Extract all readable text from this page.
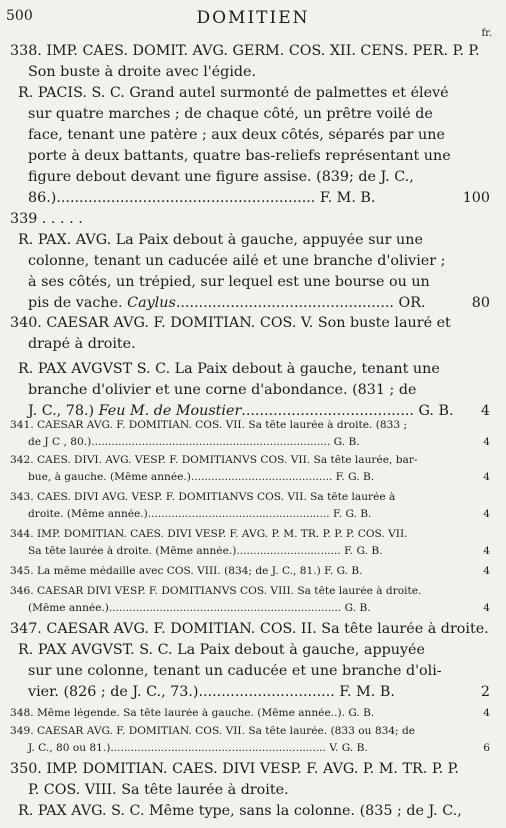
500	DOMITIEN
fr.
338. IMP. CAES. DOMIT. AVG. GERM. COS. XII. CENS. PER. P. P.
Son buste à droite avec l'égide.
R. PACIS. S. C. Grand autel surmonté de palmettes et élevé
sur quatre marches ; de chaque côté, un prêtre voilé de
face, tenant une patère ; aux deux côtés, séparés par une
porte à deux battants, quatre bas-reliefs représentant une
figure debout devant une figure assise. (839; de J. C.,
86.)......................................................... F. M. B.	100
339 . . . . .
R. PAX. AVG. La Paix debout à gauche, appuyée sur une
colonne, tenant un caducée ailé et une branche d'olivier ;
à ses côtés, un trépied, sur lequel est une bourse ou un
pis de vache. Caylus................................................ OR.	80
340. CAESAR AVG. F. DOMITIAN. COS. V. Son buste lauré et
drapé à droite.
R. PAX AVGVST S. C. La Paix debout à gauche, tenant une
branche d'olivier et une corne d'abondance. (831 ; de
J. C., 78.) Feu M. de Moustier...................................... G. B. 4
341. CAESAR AVG. F. DOMITIAN. COS. VII. Sa tête laurée à droite. (833 ;
de J C , 80.)....................................................................... G. B.	4
342. CAES. DIVI. AVG. VESP. F. DOMITIANVS COS. VII. Sa tête laurée, bar-
bue, à gauche. (Même année.).......................................... F. G. B.	4
343. CAES. DIVI AVG. VESP. F. DOMITIANVS COS. VII. Sa tête laurée à
droite. (Même année.)...................................................... F. G. B.	4
344. IMP. DOMITIAN. CAES. DIVI VESP. F. AVG. P. M. TR. P. P. P. COS. VII.
Sa tête laurée à droite. (Même année.)............................... F. G. B.	4
345. La même médaille avec COS. VIII. (834; de J. C., 81.) F. G. B.	4
346. CAESAR DIVI VESP. F. DOMITIANVS COS. VIII. Sa tête laurée à droite.
(Même année.)..................................................................... G. B.	4
347. CAESAR AVG. F. DOMITIAN. COS. II. Sa tête laurée à droite.
R. PAX AVGVST. S. C. La Paix debout à gauche, appuyée
sur une colonne, tenant un caducée et une branche d'oli-
vier. (826 ; de J. C., 73.).............................. F. M. B.	2
348. Même légende. Sa tête laurée à gauche. (Même année..). G. B.	4
349. CAESAR AVG. F. DOMITIAN. COS. VII. Sa tête laurée. (833 ou 834; de
J. C., 80 ou 81.)................................................................ V. G. B.	6
350. IMP. DOMITIAN. CAES. DIVI VESP. F. AVG. P. M. TR. P. P.
P. COS. VIII. Sa tête laurée à droite.
R. PAX AVG. S. C. Même type, sans la colonne. (835 ; de J. C.,
